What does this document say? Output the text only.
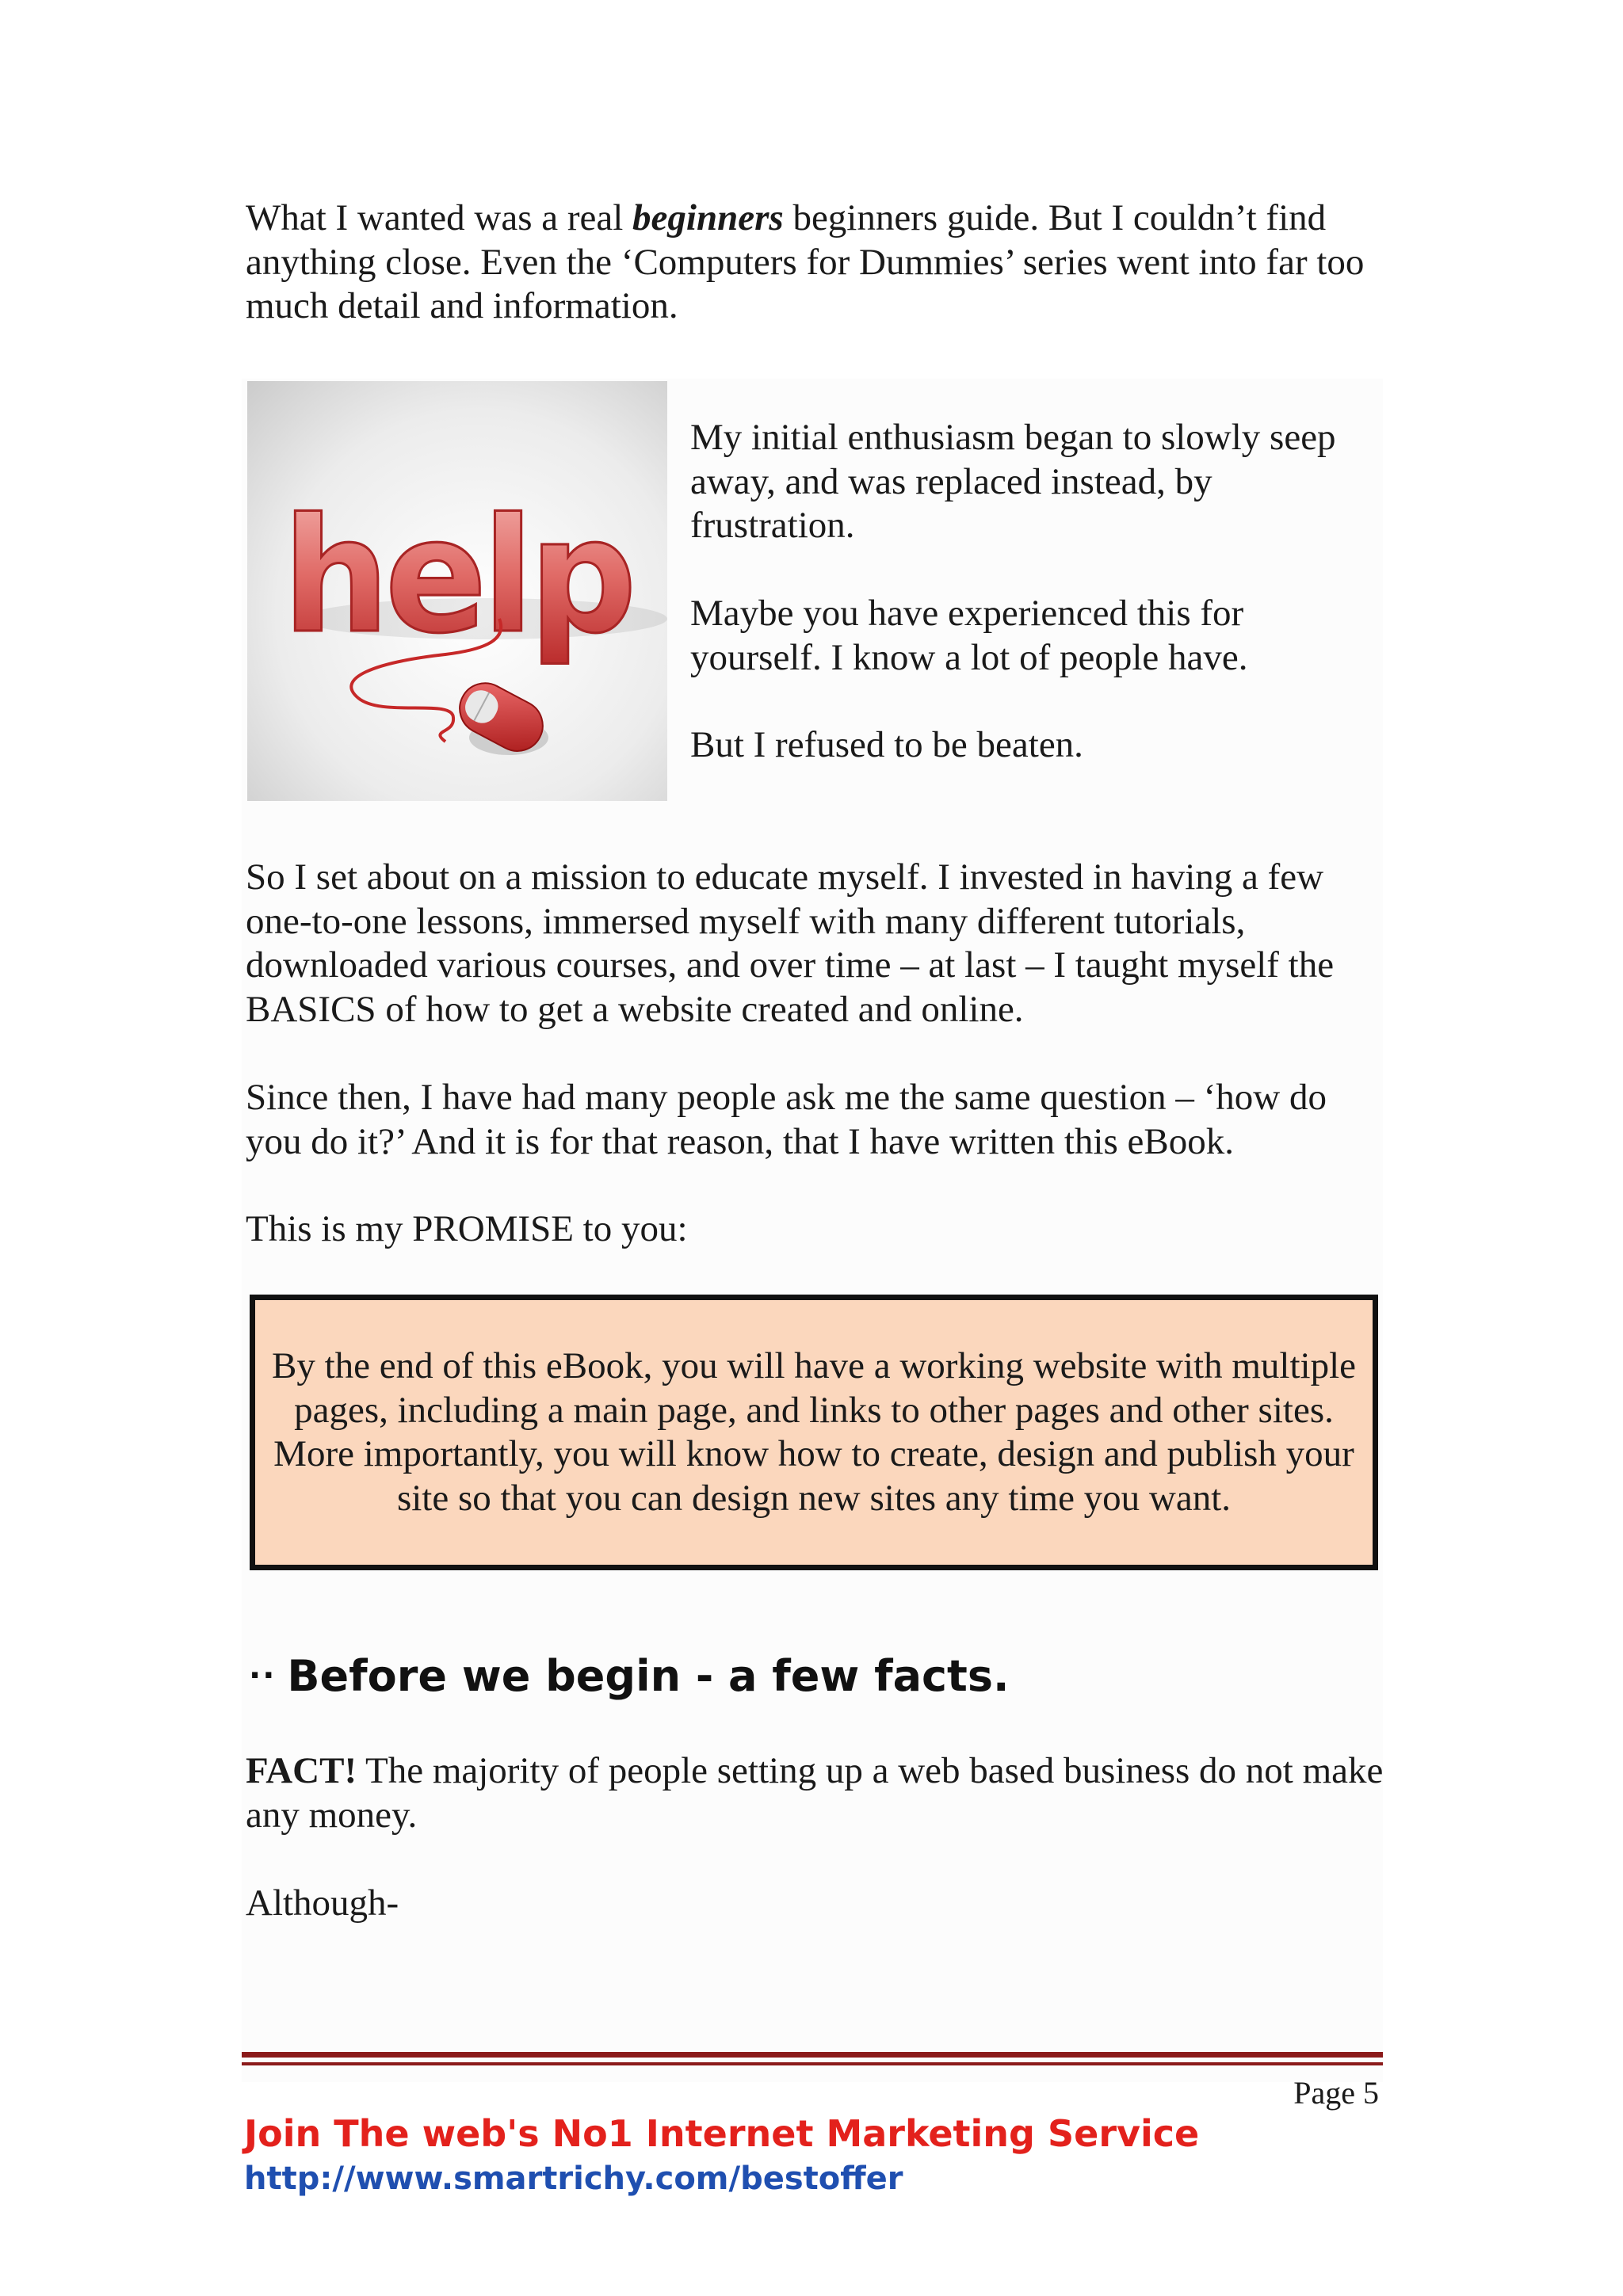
What I wanted was a real beginners beginners guide. But I couldn’t find anything close. Even the ‘Computers for Dummies’ series went into far too much detail and information.

help

My initial enthusiasm began to slowly seep away, and was replaced instead, by frustration.

Maybe you have experienced this for yourself. I know a lot of people have.

But I refused to be beaten.

So I set about on a mission to educate myself. I invested in having a few one-to-one lessons, immersed myself with many different tutorials, downloaded various courses, and over time – at last – I taught myself the BASICS of how to get a website created and online.

Since then, I have had many people ask me the same question – ‘how do you do it?’ And it is for that reason, that I have written this eBook.

This is my PROMISE to you:

By the end of this eBook, you will have a working website with multiple pages, including a main page, and links to other pages and other sites. More importantly, you will know how to create, design and publish your site so that you can design new sites any time you want.

·· Before we begin - a few facts.

FACT! The majority of people setting up a web based business do not make any money.

Although-

Page 5

Join The web's No1 Internet Marketing Service

http://www.smartrichy.com/bestoffer
